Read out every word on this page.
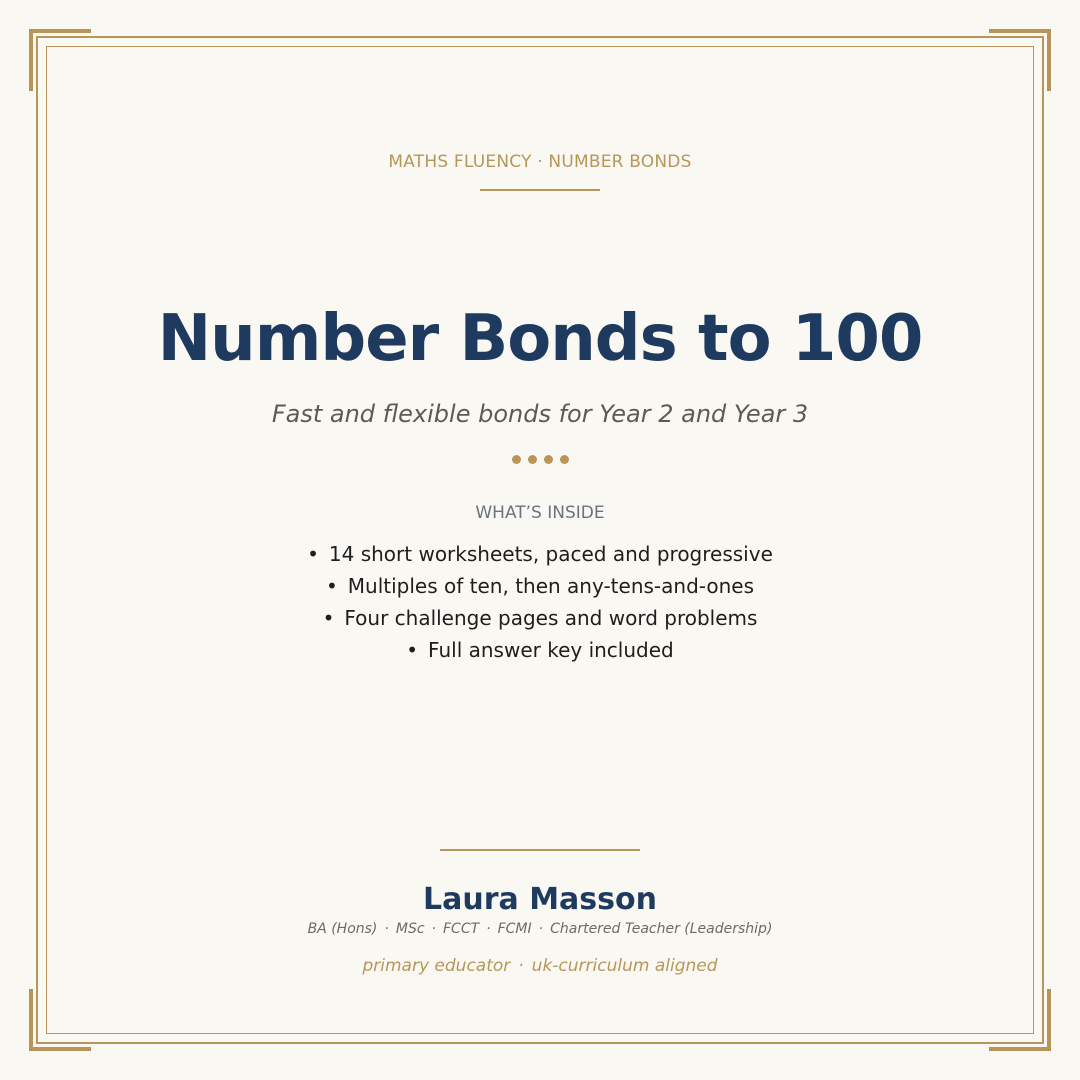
MATHS FLUENCY · NUMBER BONDS
Number Bonds to 100
Fast and flexible bonds for Year 2 and Year 3
WHAT’S INSIDE
• 14 short worksheets, paced and progressive
• Multiples of ten, then any-tens-and-ones
• Four challenge pages and word problems
• Full answer key included
Laura Masson
BA (Hons) · MSc · FCCT · FCMI · Chartered Teacher (Leadership)
primary educator · uk-curriculum aligned
